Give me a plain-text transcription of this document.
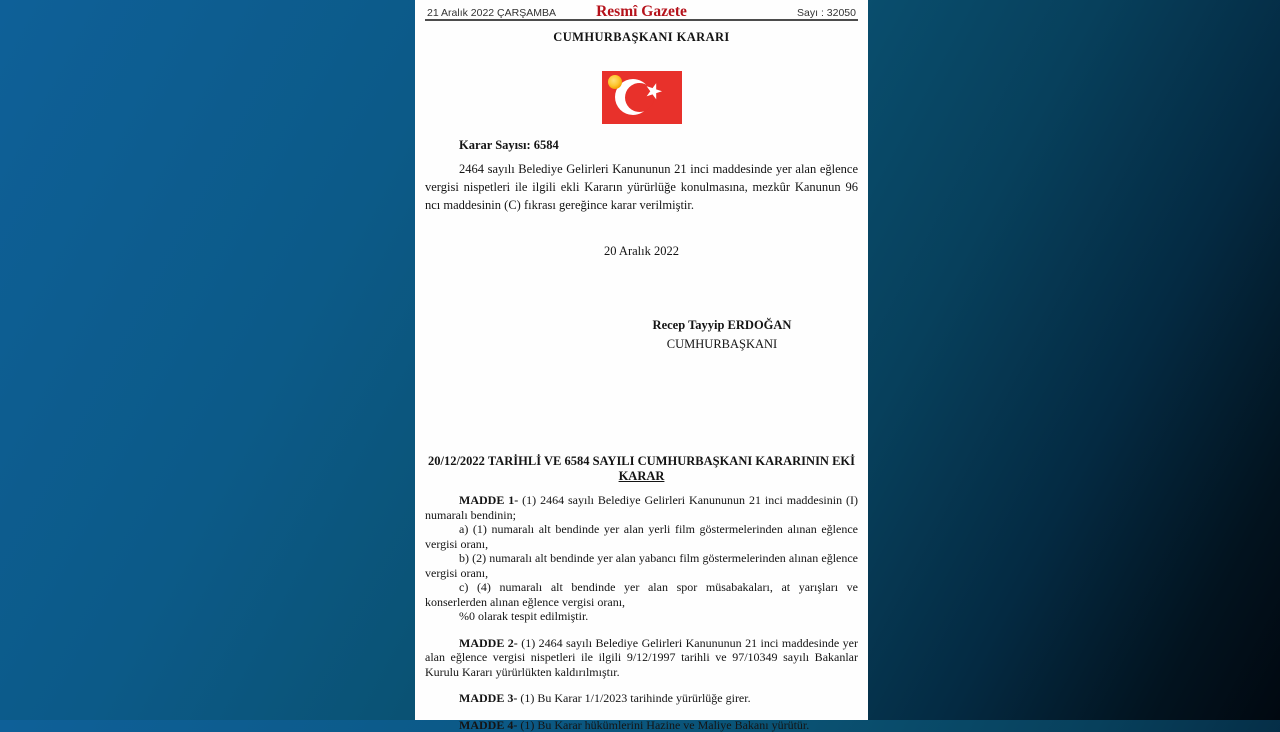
21 Aralık 2022 ÇARŞAMBA	Resmî Gazete	Sayı : 32050
CUMHURBAŞKANI KARARI
★
Karar Sayısı: 6584

2464 sayılı Belediye Gelirleri Kanununun 21 inci maddesinde yer alan eğlence vergisi nispetleri ile ilgili ekli Kararın yürürlüğe konulmasına, mezkûr Kanunun 96 ncı maddesinin (C) fıkrası gereğince karar verilmiştir.

20 Aralık 2022
Recep Tayyip ERDOĞAN
CUMHURBAŞKANI
20/12/2022 TARİHLİ VE 6584 SAYILI CUMHURBAŞKANI KARARININ EKİ
KARAR

MADDE 1- (1) 2464 sayılı Belediye Gelirleri Kanununun 21 inci maddesinin (I) numaralı bendinin;

a) (1) numaralı alt bendinde yer alan yerli film göstermelerinden alınan eğlence vergisi oranı,

b) (2) numaralı alt bendinde yer alan yabancı film göstermelerinden alınan eğlence vergisi oranı,

c) (4) numaralı alt bendinde yer alan spor müsabakaları, at yarışları ve konserlerden alınan eğlence vergisi oranı,

%0 olarak tespit edilmiştir.

MADDE 2- (1) 2464 sayılı Belediye Gelirleri Kanununun 21 inci maddesinde yer alan eğlence vergisi nispetleri ile ilgili 9/12/1997 tarihli ve 97/10349 sayılı Bakanlar Kurulu Kararı yürürlükten kaldırılmıştır.

MADDE 3- (1) Bu Karar 1/1/2023 tarihinde yürürlüğe girer.

MADDE 4- (1) Bu Karar hükümlerini Hazine ve Maliye Bakanı yürütür.
